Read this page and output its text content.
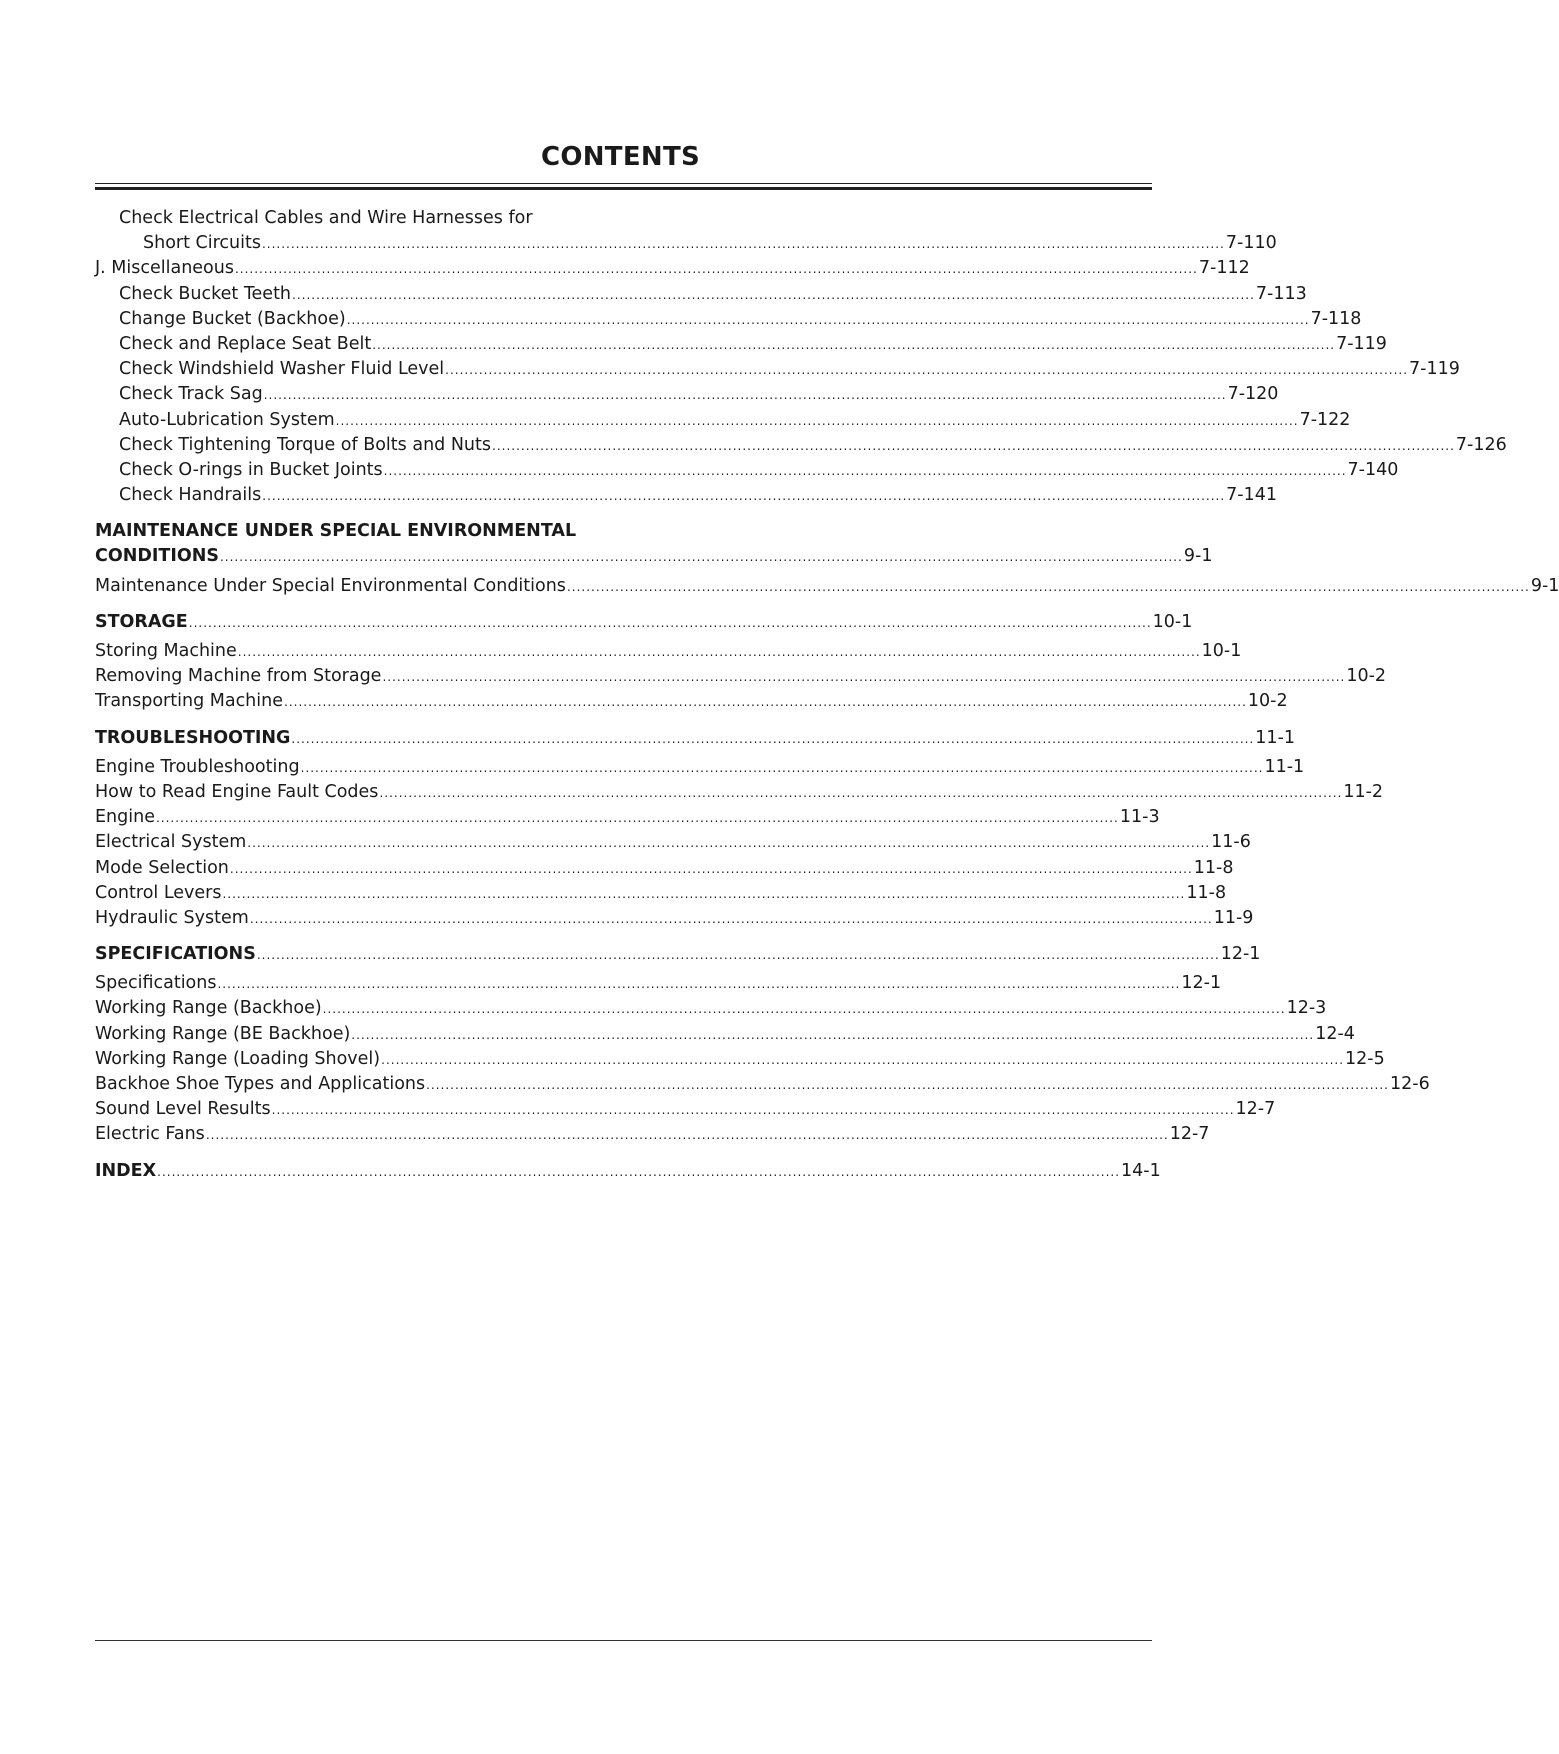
CONTENTS
Check Electrical Cables and Wire Harnesses for
Short Circuits ........................................................................................................................................................................................................ 7-110
J. Miscellaneous ........................................................................................................................................................................................................ 7-112
Check Bucket Teeth ........................................................................................................................................................................................................ 7-113
Change Bucket (Backhoe) ........................................................................................................................................................................................................ 7-118
Check and Replace Seat Belt ........................................................................................................................................................................................................ 7-119
Check Windshield Washer Fluid Level ........................................................................................................................................................................................................ 7-119
Check Track Sag ........................................................................................................................................................................................................ 7-120
Auto-Lubrication System ........................................................................................................................................................................................................ 7-122
Check Tightening Torque of Bolts and Nuts ........................................................................................................................................................................................................ 7-126
Check O-rings in Bucket Joints ........................................................................................................................................................................................................ 7-140
Check Handrails ........................................................................................................................................................................................................ 7-141
MAINTENANCE UNDER SPECIAL ENVIRONMENTAL
CONDITIONS ........................................................................................................................................................................................................ 9-1
Maintenance Under Special Environmental Conditions ........................................................................................................................................................................................................ 9-1
STORAGE ........................................................................................................................................................................................................ 10-1
Storing Machine ........................................................................................................................................................................................................ 10-1
Removing Machine from Storage ........................................................................................................................................................................................................ 10-2
Transporting Machine ........................................................................................................................................................................................................ 10-2
TROUBLESHOOTING ........................................................................................................................................................................................................ 11-1
Engine Troubleshooting ........................................................................................................................................................................................................ 11-1
How to Read Engine Fault Codes ........................................................................................................................................................................................................ 11-2
Engine ........................................................................................................................................................................................................ 11-3
Electrical System ........................................................................................................................................................................................................ 11-6
Mode Selection ........................................................................................................................................................................................................ 11-8
Control Levers ........................................................................................................................................................................................................ 11-8
Hydraulic System ........................................................................................................................................................................................................ 11-9
SPECIFICATIONS ........................................................................................................................................................................................................ 12-1
Specifications ........................................................................................................................................................................................................ 12-1
Working Range (Backhoe) ........................................................................................................................................................................................................ 12-3
Working Range (BE Backhoe) ........................................................................................................................................................................................................ 12-4
Working Range (Loading Shovel) ........................................................................................................................................................................................................ 12-5
Backhoe Shoe Types and Applications ........................................................................................................................................................................................................ 12-6
Sound Level Results ........................................................................................................................................................................................................ 12-7
Electric Fans ........................................................................................................................................................................................................ 12-7
INDEX ........................................................................................................................................................................................................ 14-1
